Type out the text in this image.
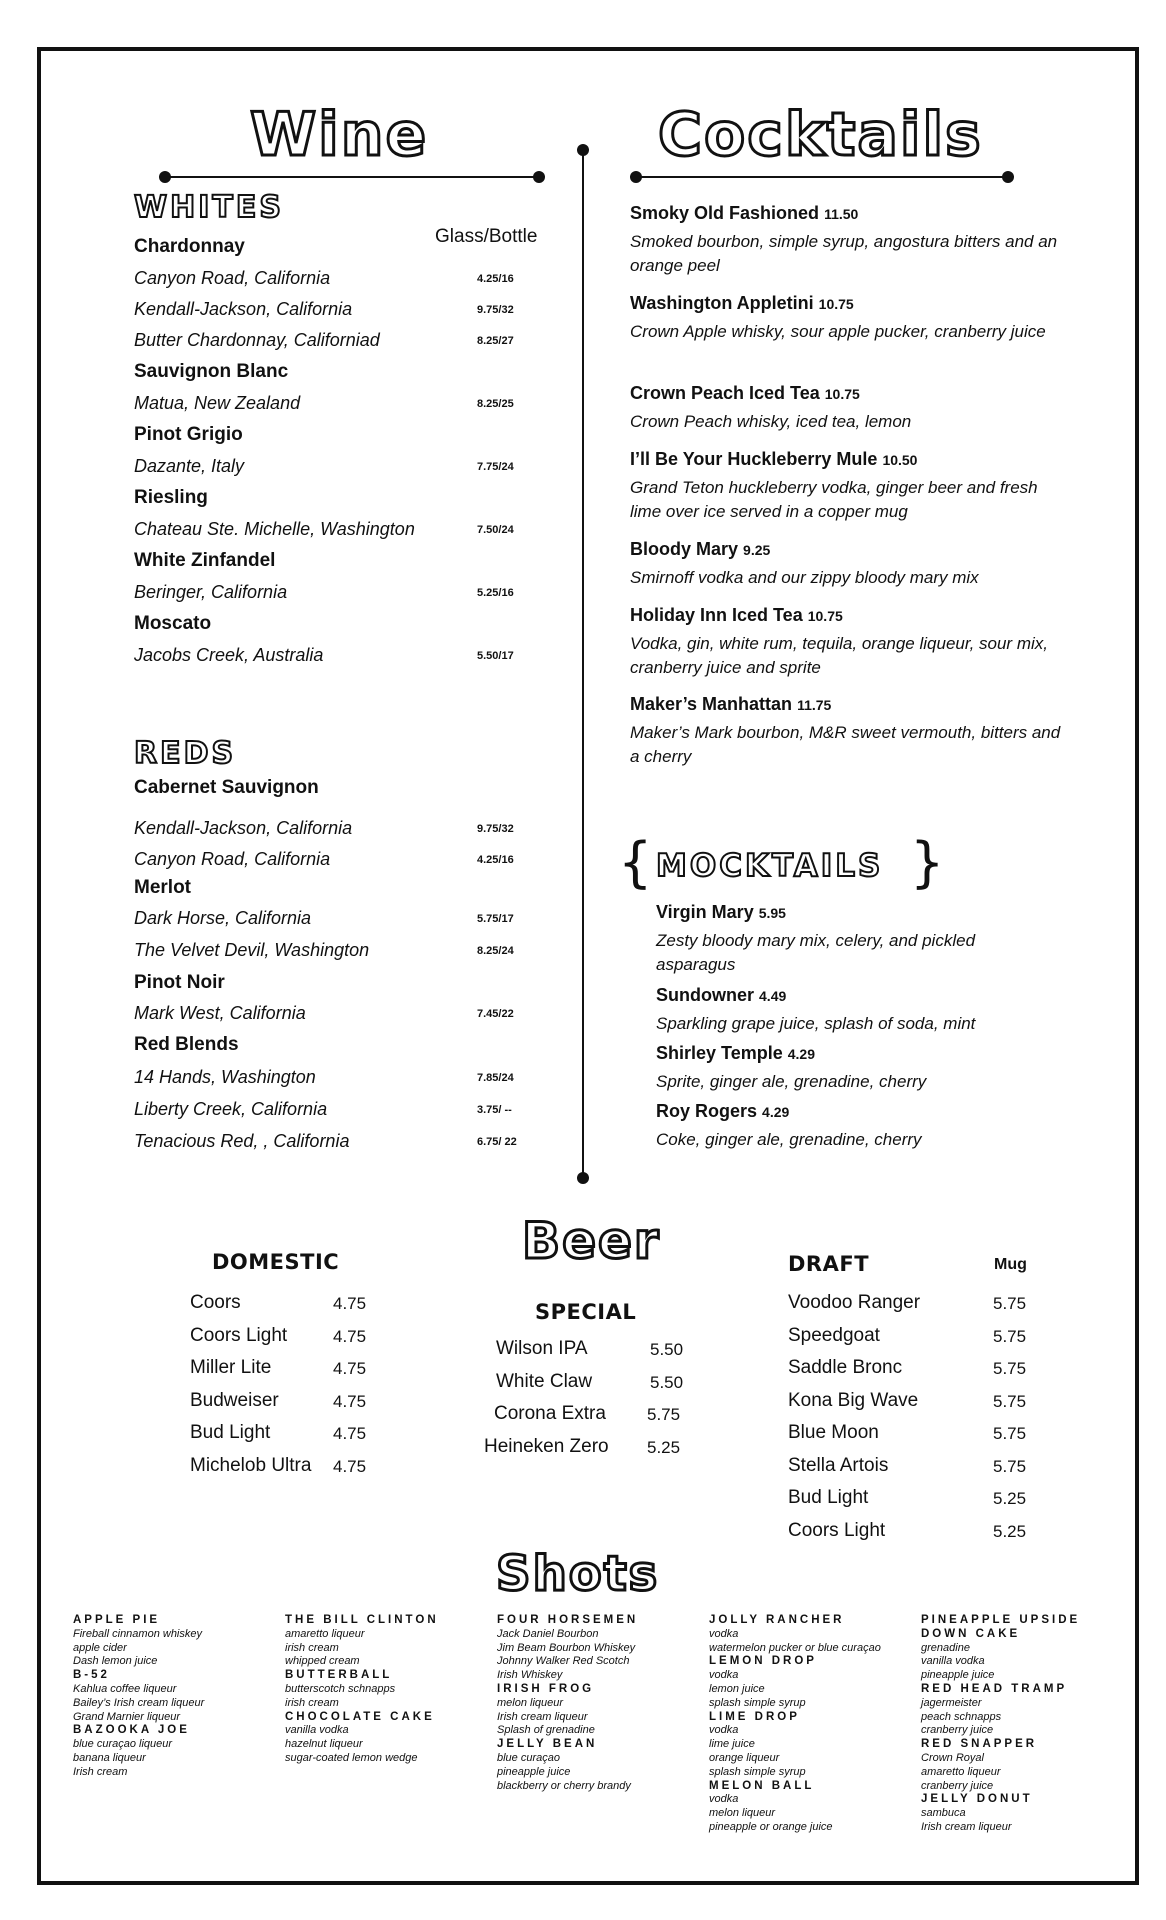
Wine
WHITES
Glass/Bottle
Chardonnay
Canyon Road, California	4.25/16
Kendall-Jackson, California	9.75/32
Butter Chardonnay, Californiad	8.25/27
Sauvignon Blanc
Matua, New Zealand	8.25/25
Pinot Grigio
Dazante, Italy	7.75/24
Riesling
Chateau Ste. Michelle, Washington	7.50/24
White Zinfandel
Beringer, California	5.25/16
Moscato
Jacobs Creek, Australia	5.50/17
REDS
Cabernet Sauvignon
Kendall-Jackson, California	9.75/32
Canyon Road, California	4.25/16
Merlot
Dark Horse, California	5.75/17
The Velvet Devil, Washington	8.25/24
Pinot Noir
Mark West, California	7.45/22
Red Blends
14 Hands, Washington	7.85/24
Liberty Creek, California	3.75/ --
Tenacious Red, , California	6.75/ 22
Cocktails
Smoky Old Fashioned 11.50
Smoked bourbon, simple syrup, angostura bitters and an orange peel
Washington Appletini 10.75
Crown Apple whisky, sour apple pucker, cranberry juice
Crown Peach Iced Tea 10.75
Crown Peach whisky, iced tea, lemon
I’ll Be Your Huckleberry Mule 10.50
Grand Teton huckleberry vodka, ginger beer and fresh lime over ice served in a copper mug
Bloody Mary 9.25
Smirnoff vodka and our zippy bloody mary mix
Holiday Inn Iced Tea 10.75
Vodka, gin, white rum, tequila, orange liqueur, sour mix, cranberry juice and sprite
Maker’s Manhattan 11.75
Maker’s Mark bourbon, M&R sweet vermouth, bitters and a cherry
{ MOCKTAILS }
Virgin Mary 5.95
Zesty bloody mary mix, celery, and pickled asparagus
Sundowner 4.49
Sparkling grape juice, splash of soda, mint
Shirley Temple 4.29
Sprite, ginger ale, grenadine, cherry
Roy Rogers 4.29
Coke, ginger ale, grenadine, cherry
Beer
DOMESTIC
Coors	4.75
Coors Light	4.75
Miller Lite	4.75
Budweiser	4.75
Bud Light	4.75
Michelob Ultra 4.75
SPECIAL
Wilson IPA	5.50
White Claw	5.50
Corona Extra 5.75
Heineken Zero 5.25
DRAFT	Mug
Voodoo Ranger	5.75
Speedgoat	5.75
Saddle Bronc	5.75
Kona Big Wave	5.75
Blue Moon	5.75
Stella Artois	5.75
Bud Light	5.25
Coors Light	5.25
Shots
APPLE PIE
Fireball cinnamon whiskey
apple cider
Dash lemon juice
B-52
Kahlua coffee liqueur
Bailey’s Irish cream liqueur
Grand Marnier liqueur
BAZOOKA JOE
blue curaçao liqueur
banana liqueur
Irish cream
THE BILL CLINTON
amaretto liqueur
irish cream
whipped cream
BUTTERBALL
butterscotch schnapps
irish cream
CHOCOLATE CAKE
vanilla vodka
hazelnut liqueur
sugar-coated lemon wedge
FOUR HORSEMEN
Jack Daniel Bourbon
Jim Beam Bourbon Whiskey
Johnny Walker Red Scotch
Irish Whiskey
IRISH FROG
melon liqueur
Irish cream liqueur
Splash of grenadine
JELLY BEAN
blue curaçao
pineapple juice
blackberry or cherry brandy
JOLLY RANCHER
vodka
watermelon pucker or blue curaçao
LEMON DROP
vodka
lemon juice
splash simple syrup
LIME DROP
vodka
lime juice
orange liqueur
splash simple syrup
MELON BALL
vodka
melon liqueur
pineapple or orange juice
PINEAPPLE UPSIDE DOWN CAKE
grenadine
vanilla vodka
pineapple juice
RED HEAD TRAMP
jagermeister
peach schnapps
cranberry juice
RED SNAPPER
Crown Royal
amaretto liqueur
cranberry juice
JELLY DONUT
sambuca
Irish cream liqueur
